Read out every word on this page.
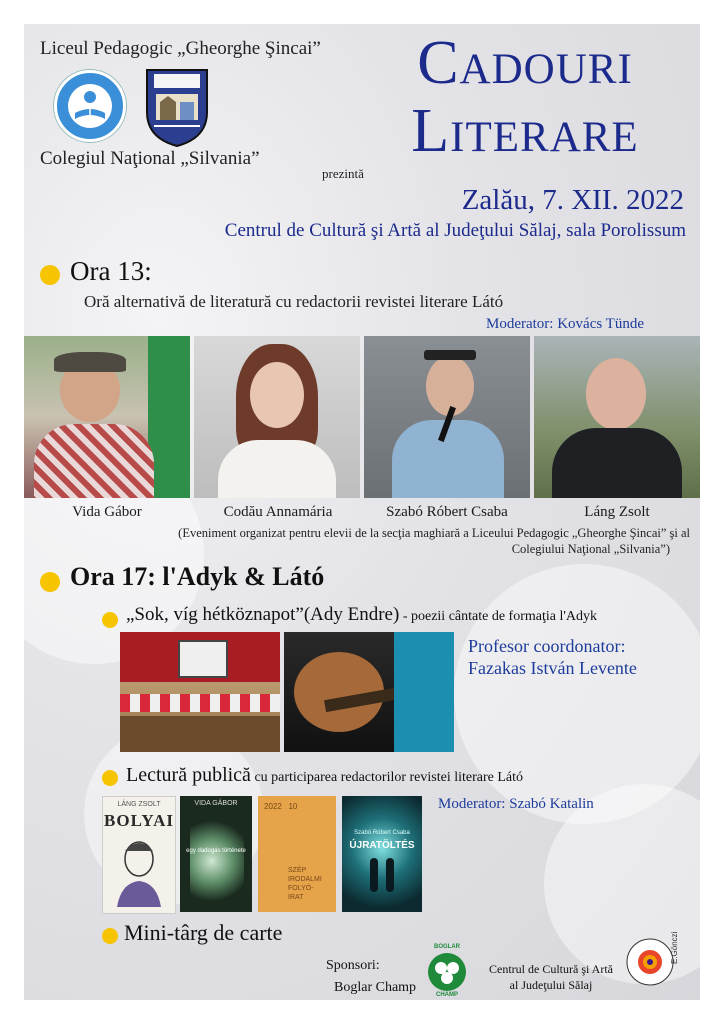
Liceul Pedagogic „Gheorghe Şincai”
Colegiul Naţional „Silvania”
prezintă
Cadouri
Literare
Zalău, 7. XII. 2022
Centrul de Cultură şi Artă al Judeţului Sălaj, sala Porolissum
Ora 13:
Oră alternativă de literatură cu redactorii revistei literare Látó
Moderator: Kovács Tünde
Vida Gábor	Codău Annamária	Szabó Róbert Csaba	Láng Zsolt
(Eveniment organizat pentru elevii de la secţia maghiară a Liceului Pedagogic „Gheorghe Şincai” şi al
Colegiului Naţional „Silvania”)
Ora 17: l'Adyk & Látó
„Sok, víg hétköznapot”(Ady Endre) - poezii cântate de formaţia l'Adyk
Profesor coordonator:
Fazakas István Levente
Lectură publică cu participarea redactorilor revistei literare Látó
Moderator: Szabó Katalin
LÁNG ZSOLT
BOLYAI
VIDA GÁBOR
egy dadogás története
2022   10
SZÉP
IRODALMI
FOLYÓ-
IRAT
Szabó Róbert Csaba
ÚJRATÖLTÉS
Mini-târg de carte
Sponsori:
Boglar Champ
BOGLAR
CHAMP
Centrul de Cultură şi Artă
al Judeţului Sălaj
E.Gönczi
